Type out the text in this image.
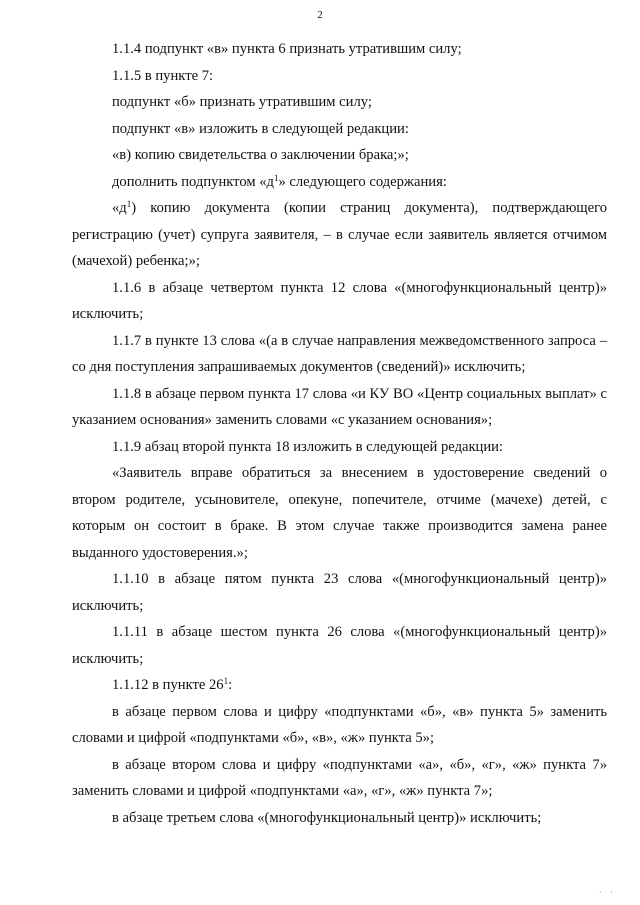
2

1.1.4 подпункт «в» пункта 6 признать утратившим силу;

1.1.5 в пункте 7:

подпункт «б» признать утратившим силу;

подпункт «в» изложить в следующей редакции:

«в) копию свидетельства о заключении брака;»;

дополнить подпунктом «$д^1$» следующего содержания:

«$д^1$) копию документа (копии страниц документа), подтверждающего регистрацию (учет) супруга заявителя, – в случае если заявитель является отчимом (мачехой) ребенка;»;

1.1.6 в абзаце четвертом пункта 12 слова «(многофункциональный центр)» исключить;

1.1.7 в пункте 13 слова «(а в случае направления межведомственного запроса – со дня поступления запрашиваемых документов (сведений)» исключить;

1.1.8 в абзаце первом пункта 17 слова «и КУ ВО «Центр социальных выплат» с указанием основания» заменить словами «с указанием основания»;

1.1.9 абзац второй пункта 18 изложить в следующей редакции:

«Заявитель вправе обратиться за внесением в удостоверение сведений о втором родителе, усыновителе, опекуне, попечителе, отчиме (мачехе) детей, с которым он состоит в браке. В этом случае также производится замена ранее выданного удостоверения.»;

1.1.10 в абзаце пятом пункта 23 слова «(многофункциональный центр)» исключить;

1.1.11 в абзаце шестом пункта 26 слова «(многофункциональный центр)» исключить;

1.1.12 в пункте $26^1$:

в абзаце первом слова и цифру «подпунктами «б», «в» пункта 5» заменить словами и цифрой «подпунктами «б», «в», «ж» пункта 5»;

в абзаце втором слова и цифру «подпунктами «а», «б», «г», «ж» пункта 7» заменить словами и цифрой «подпунктами «а», «г», «ж» пункта 7»;

в абзаце третьем слова «(многофункциональный центр)» исключить;

· ·
